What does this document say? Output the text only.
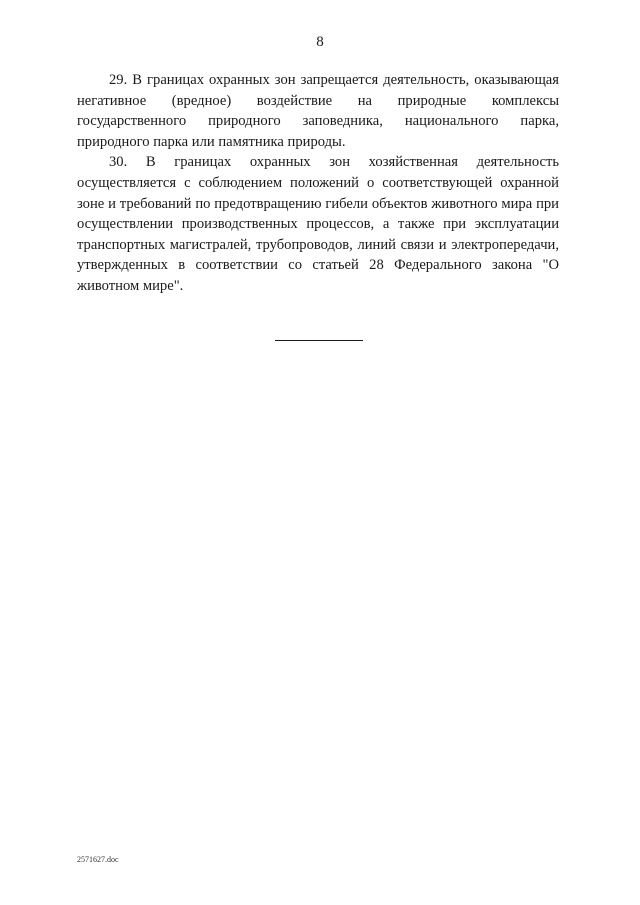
8

29. В границах охранных зон запрещается деятельность, оказывающая негативное (вредное) воздействие на природные комплексы государственного природного заповедника, национального парка, природного парка или памятника природы.

30. В границах охранных зон хозяйственная деятельность осуществляется с соблюдением положений о соответствующей охранной зоне и требований по предотвращению гибели объектов животного мира при осуществлении производственных процессов, а также при эксплуатации транспортных магистралей, трубопроводов, линий связи и электропередачи, утвержденных в соответствии со статьей 28 Федерального закона "О животном мире".

2571627.doc
